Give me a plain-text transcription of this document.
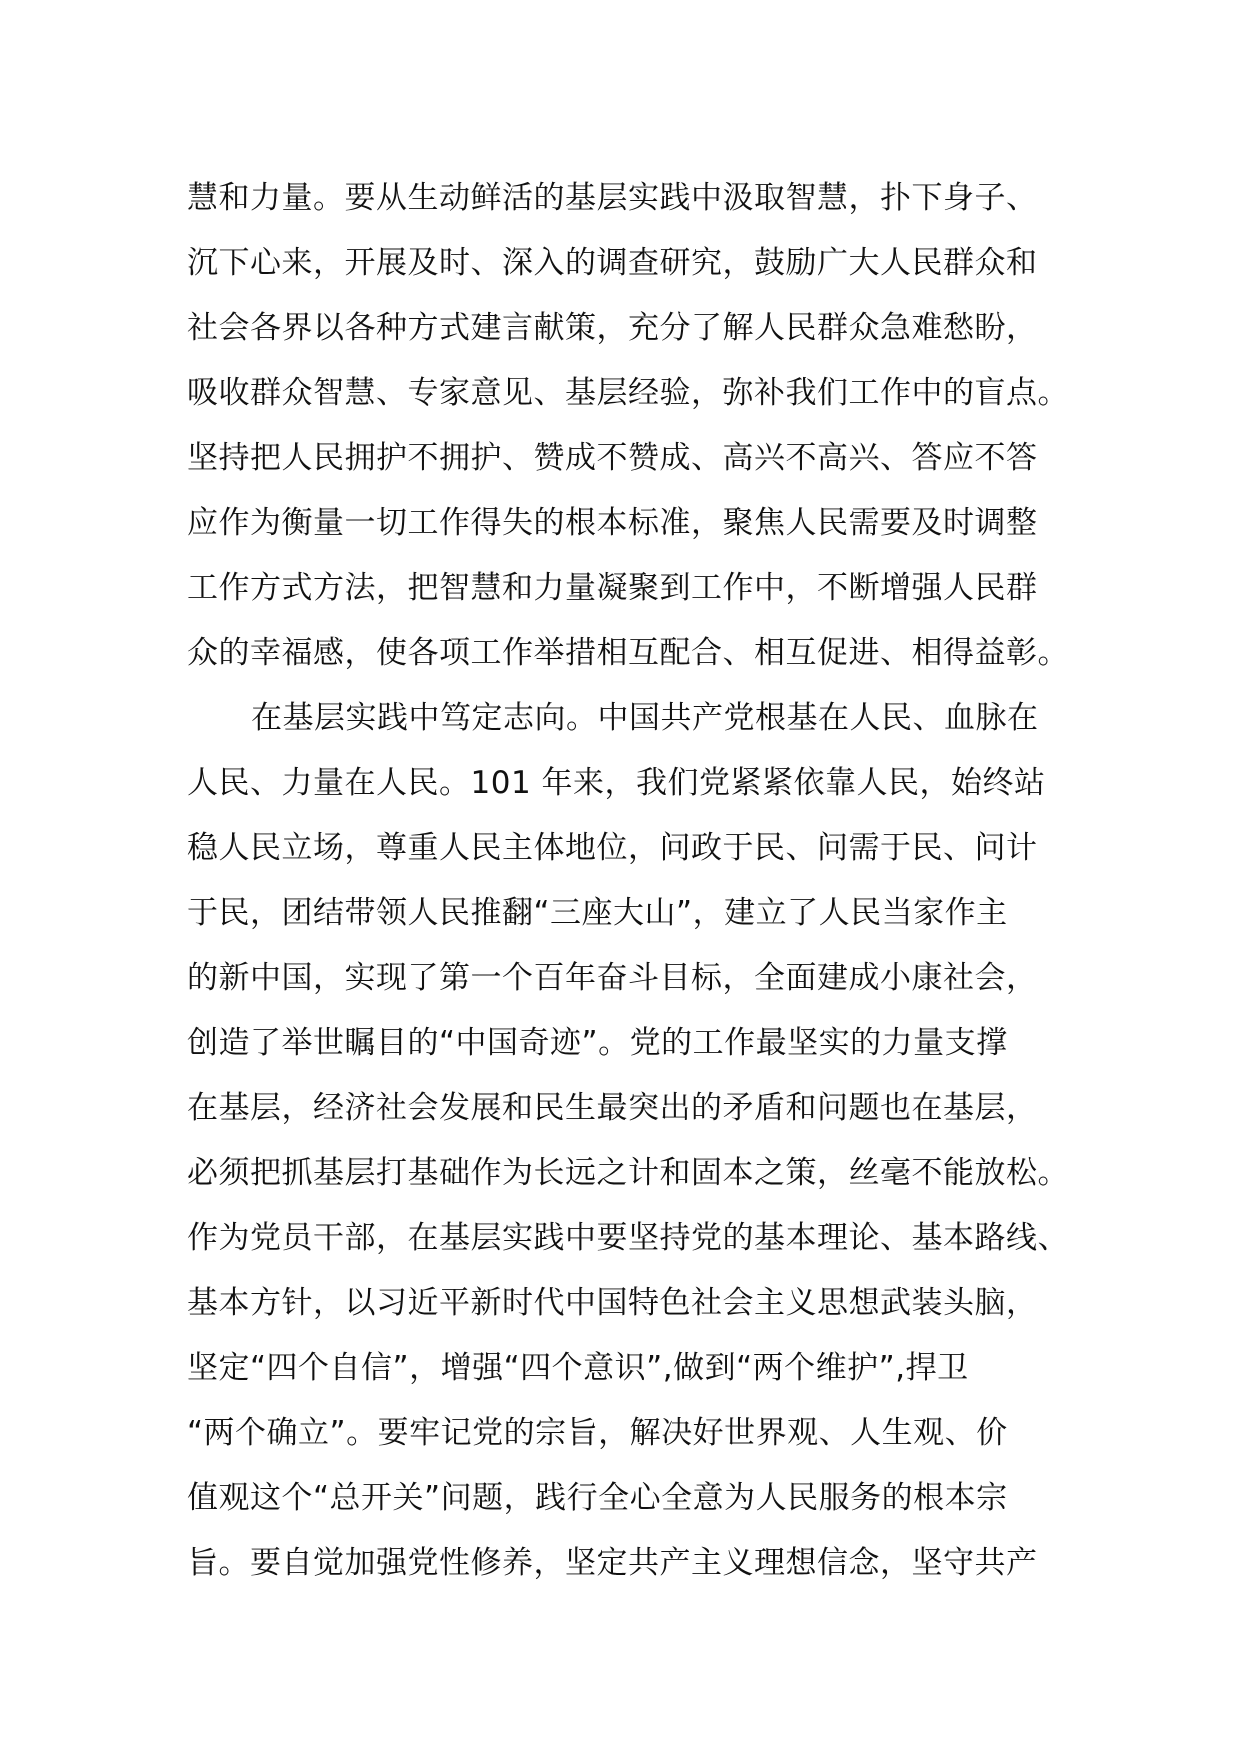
慧和力量。要从生动鲜活的基层实践中汲取智慧，扑下身子、
沉下心来，开展及时、深入的调查研究，鼓励广大人民群众和
社会各界以各种方式建言献策，充分了解人民群众急难愁盼，
吸收群众智慧、专家意见、基层经验，弥补我们工作中的盲点。
坚持把人民拥护不拥护、赞成不赞成、高兴不高兴、答应不答
应作为衡量一切工作得失的根本标准，聚焦人民需要及时调整
工作方式方法，把智慧和力量凝聚到工作中，不断增强人民群
众的幸福感，使各项工作举措相互配合、相互促进、相得益彰。
在基层实践中笃定志向。中国共产党根基在人民、血脉在
人民、力量在人民。101 年来，我们党紧紧依靠人民，始终站
稳人民立场，尊重人民主体地位，问政于民、问需于民、问计
于民，团结带领人民推翻“三座大山”，建立了人民当家作主
的新中国，实现了第一个百年奋斗目标，全面建成小康社会，
创造了举世瞩目的“中国奇迹”。党的工作最坚实的力量支撑
在基层，经济社会发展和民生最突出的矛盾和问题也在基层，
必须把抓基层打基础作为长远之计和固本之策，丝毫不能放松。
作为党员干部，在基层实践中要坚持党的基本理论、基本路线、
基本方针，以习近平新时代中国特色社会主义思想武装头脑，
坚定“四个自信”，增强“四个意识”,做到“两个维护”,捍卫
“两个确立”。要牢记党的宗旨，解决好世界观、人生观、价
值观这个“总开关”问题，践行全心全意为人民服务的根本宗
旨。要自觉加强党性修养，坚定共产主义理想信念，坚守共产
